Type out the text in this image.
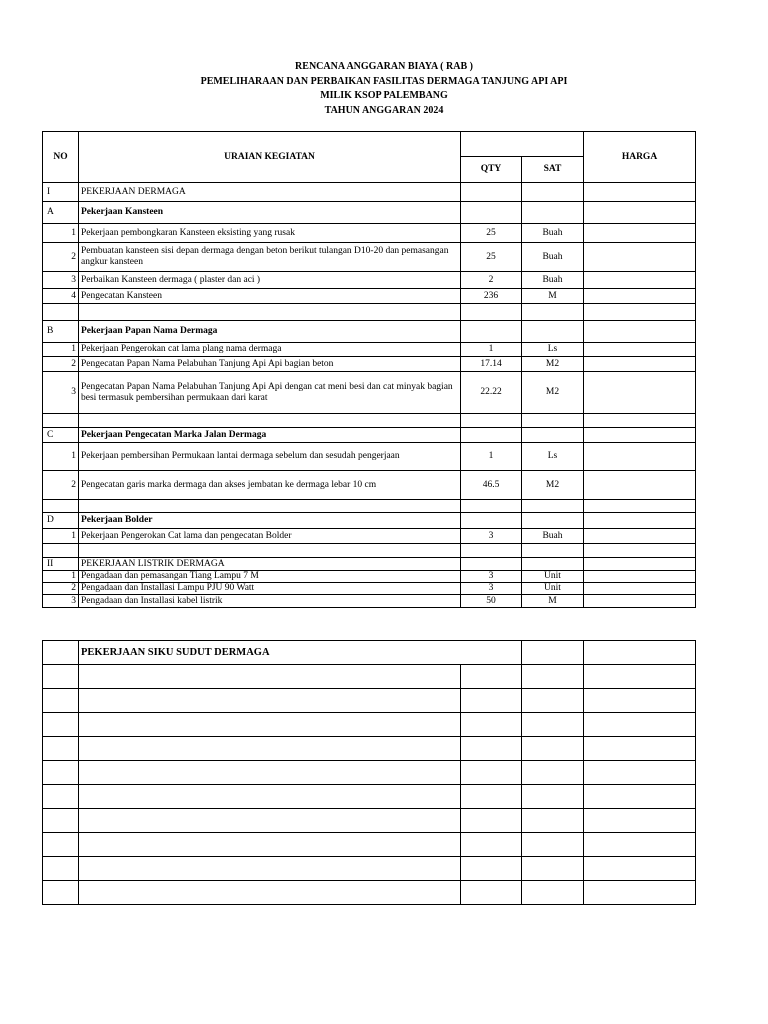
RENCANA ANGGARAN BIAYA ( RAB )
PEMELIHARAAN DAN PERBAIKAN FASILITAS DERMAGA TANJUNG API API
MILIK KSOP PALEMBANG
TAHUN ANGGARAN 2024
NO	URAIAN KEGIATAN			HARGA
		QTY	SAT	
I	PEKERJAAN DERMAGA			
A	Pekerjaan Kansteen			
1	Pekerjaan pembongkaran Kansteen eksisting yang rusak	25	Buah	
2	Pembuatan kansteen sisi depan dermaga dengan beton berikut tulangan D10-20 dan pemasangan angkur kansteen	25	Buah	
3	Perbaikan Kansteen dermaga ( plaster dan aci )	2	Buah	
4	Pengecatan Kansteen	236	M	

B	Pekerjaan Papan Nama Dermaga			
1	Pekerjaan Pengerokan cat lama plang nama dermaga	1	Ls	
2	Pengecatan Papan Nama Pelabuhan Tanjung Api Api bagian beton	17.14	M2	
3	Pengecatan Papan Nama Pelabuhan Tanjung Api Api dengan cat meni besi dan cat minyak bagian besi termasuk pembersihan permukaan dari karat	22.22	M2	

C	Pekerjaan Pengecatan Marka Jalan Dermaga			
1	Pekerjaan pembersihan Permukaan lantai dermaga sebelum dan sesudah pengerjaan	1	Ls	
2	Pengecatan garis marka dermaga dan akses jembatan ke dermaga lebar 10 cm	46.5	M2	

D	Pekerjaan Bolder			
1	Pekerjaan Pengerokan Cat lama dan pengecatan Bolder	3	Buah	

II	PEKERJAAN LISTRIK DERMAGA			
1	Pengadaan dan pemasangan Tiang Lampu 7 M	3	Unit	
2	Pengadaan dan Installasi Lampu PJU 90 Watt	3	Unit	
3	Pengadaan dan Installasi kabel listrik	50	M	
	PEKERJAAN SIKU SUDUT DERMAGA			
